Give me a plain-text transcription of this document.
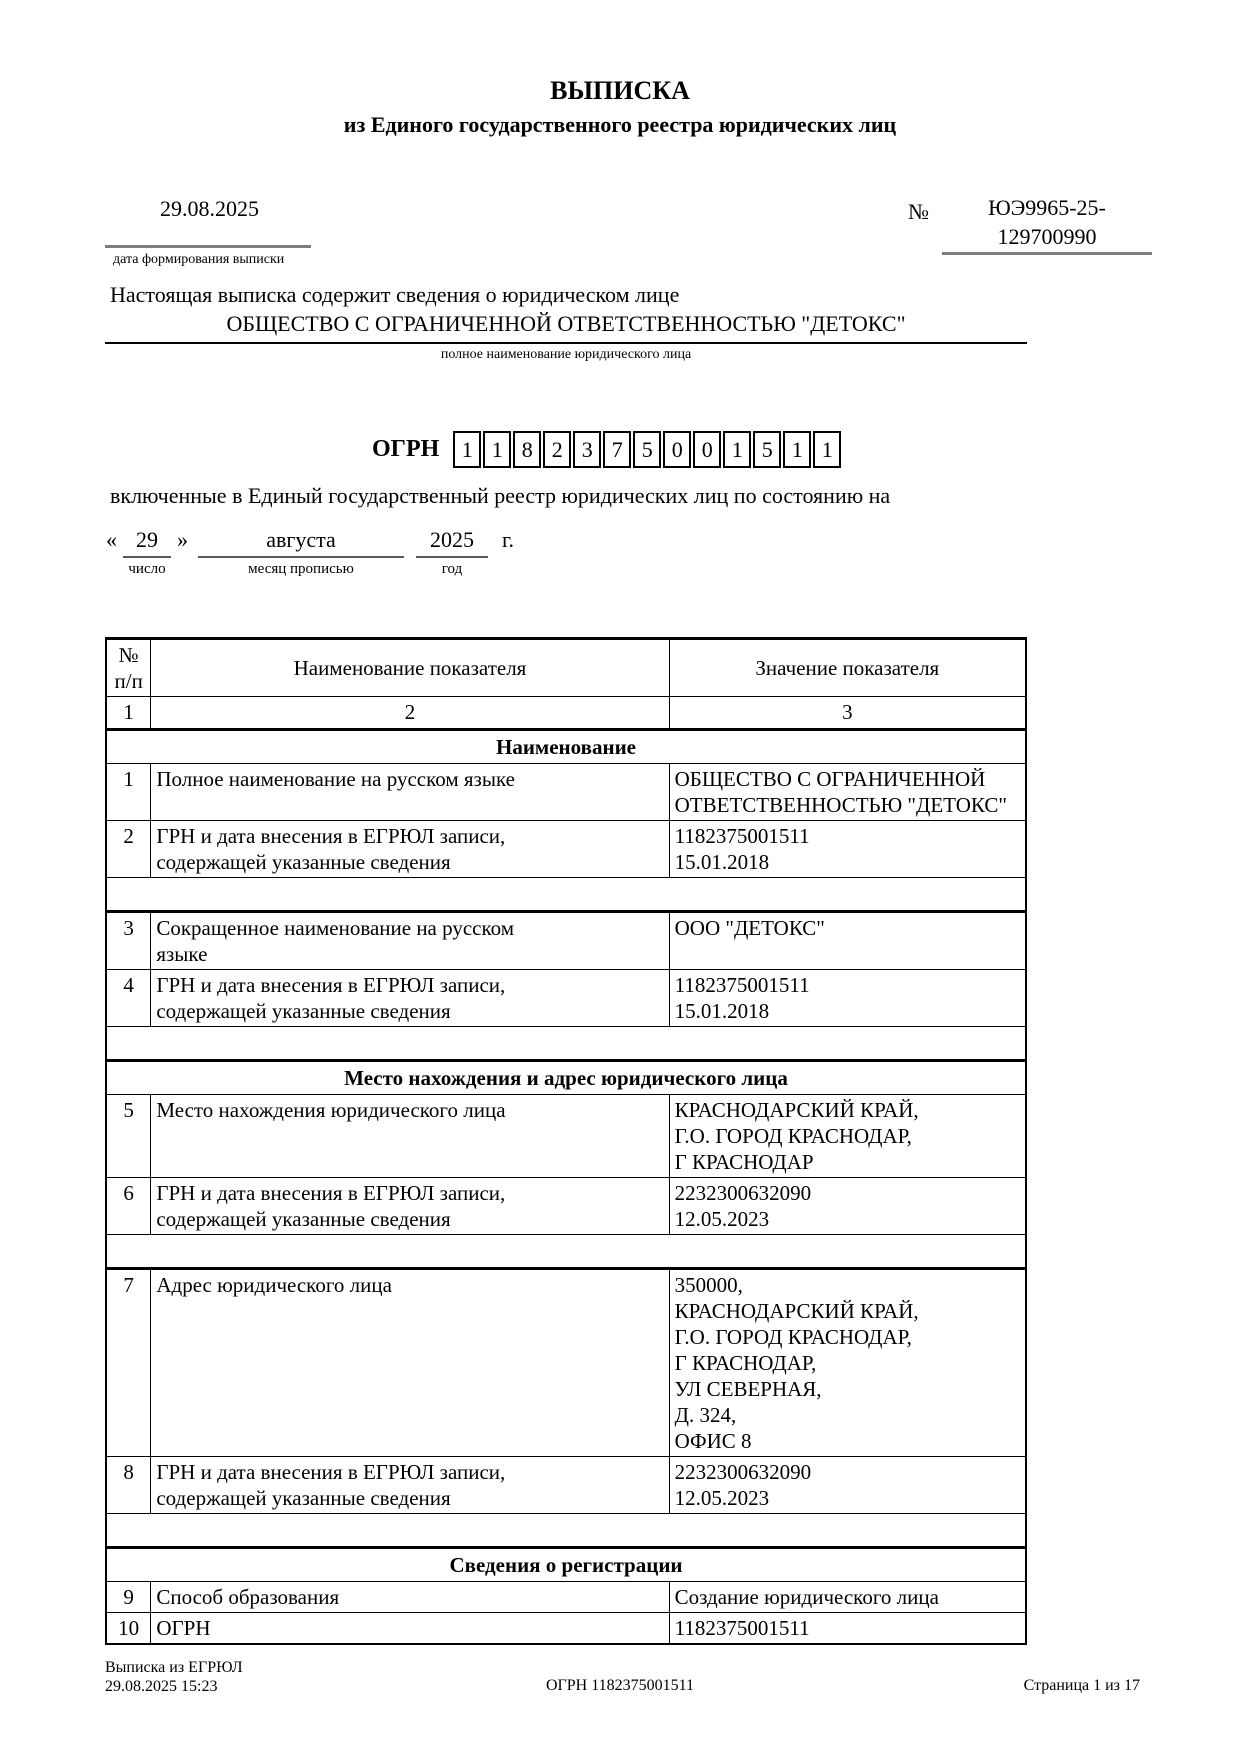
ВЫПИСКА
из Единого государственного реестра юридических лиц
29.08.2025
дата формирования выписки
№	ЮЭ9965-25-
129700990
Настоящая выписка содержит сведения о юридическом лице
ОБЩЕСТВО С ОГРАНИЧЕННОЙ ОТВЕТСТВЕННОСТЬЮ "ДЕТОКС"
полное наименование юридического лица
ОГРН	1 1 8 2 3 7 5 0 0 1 5 1 1
включенные в Единый государственный реестр юридических лиц по состоянию на
« 29
число
»	августа
месяц прописью
2025
год
г.
№ п/п	Наименование показателя	Значение показателя
1	2	3
Наименование		
1	Полное наименование на русском языке	ОБЩЕСТВО С ОГРАНИЧЕННОЙ
ОТВЕТСТВЕННОСТЬЮ "ДЕТОКС"
2	ГРН и дата внесения в ЕГРЮЛ записи,
содержащей указанные сведения	1182375001511
15.01.2018

3	Сокращенное наименование на русском
языке	ООО "ДЕТОКС"
4	ГРН и дата внесения в ЕГРЮЛ записи,
содержащей указанные сведения	1182375001511
15.01.2018

Место нахождения и адрес юридического лица		
5	Место нахождения юридического лица	КРАСНОДАРСКИЙ КРАЙ,
Г.О. ГОРОД КРАСНОДАР,
Г КРАСНОДАР
6	ГРН и дата внесения в ЕГРЮЛ записи,
содержащей указанные сведения	2232300632090
12.05.2023

7	Адрес юридического лица	350000,
КРАСНОДАРСКИЙ КРАЙ,
Г.О. ГОРОД КРАСНОДАР,
Г КРАСНОДАР,
УЛ СЕВЕРНАЯ,
Д. 324,
ОФИС 8
8	ГРН и дата внесения в ЕГРЮЛ записи,
содержащей указанные сведения	2232300632090
12.05.2023

Сведения о регистрации		
9	Способ образования	Создание юридического лица
10	ОГРН	1182375001511
Выписка из ЕГРЮЛ
29.08.2025 15:23	ОГРН 1182375001511	Страница 1 из 17
